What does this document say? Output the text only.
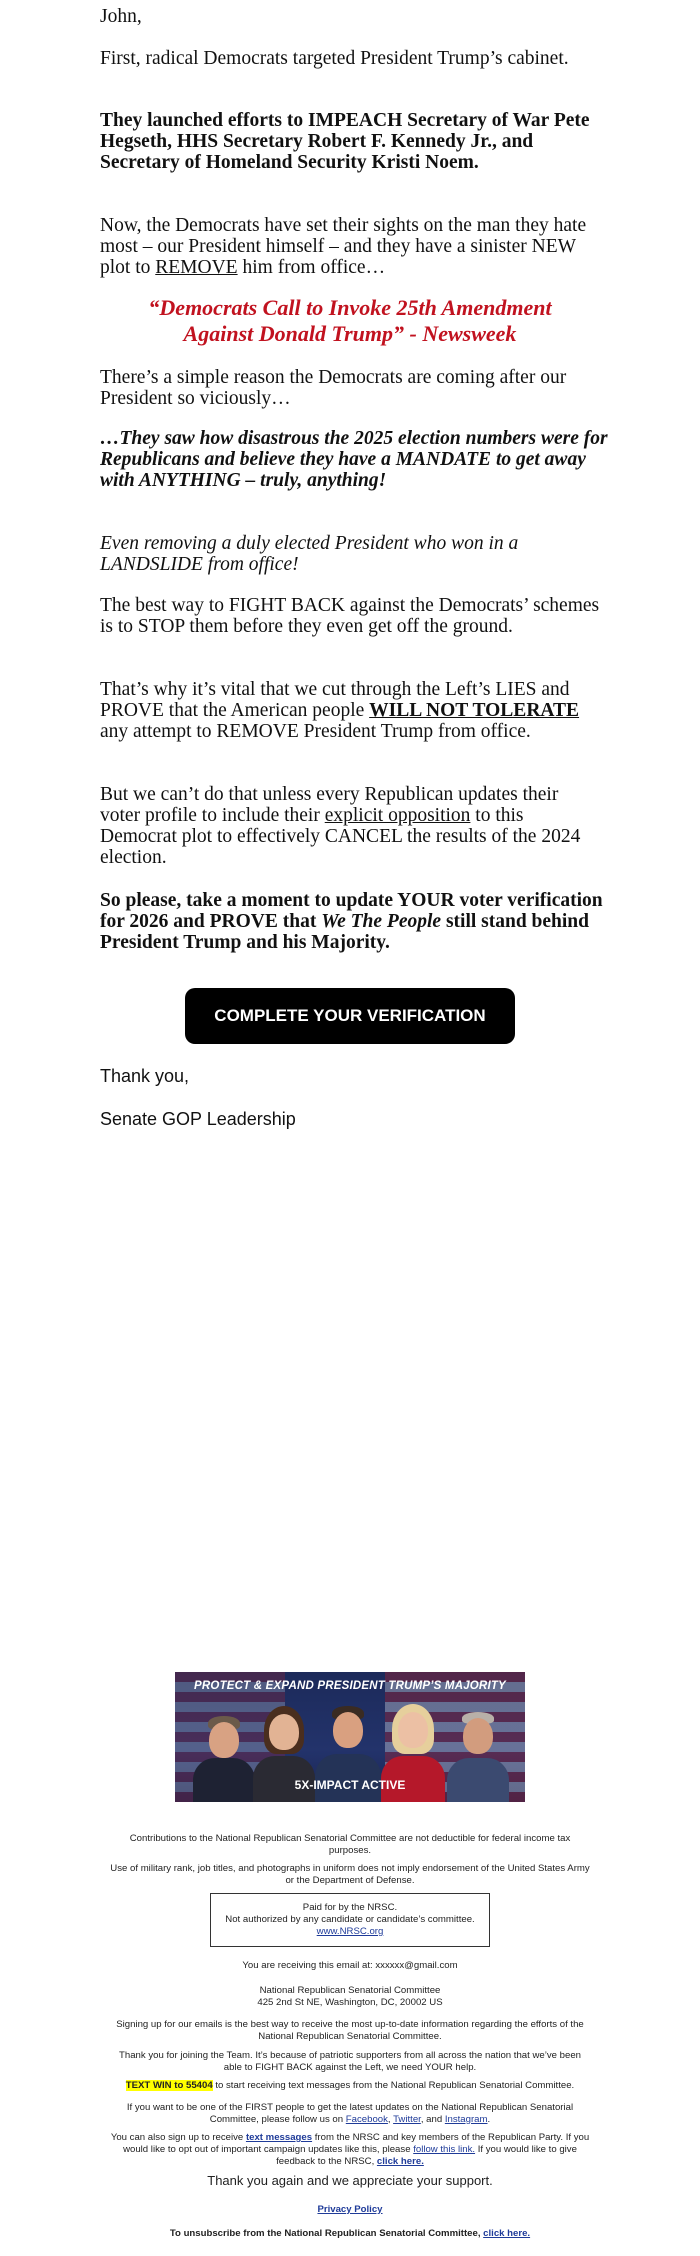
John,

First, radical Democrats targeted President Trump’s cabinet.

They launched efforts to IMPEACH Secretary of War Pete Hegseth, HHS Secretary Robert F. Kennedy Jr., and Secretary of Homeland Security Kristi Noem.

Now, the Democrats have set their sights on the man they hate most – our President himself – and they have a sinister NEW plot to REMOVE him from office…

“Democrats Call to Invoke 25th Amendment

Against Donald Trump” - Newsweek

There’s a simple reason the Democrats are coming after our President so viciously…

…They saw how disastrous the 2025 election numbers were for Republicans and believe they have a MANDATE to get away with ANYTHING – truly, anything!

Even removing a duly elected President who won in a LANDSLIDE from office!

The best way to FIGHT BACK against the Democrats’ schemes is to STOP them before they even get off the ground.

That’s why it’s vital that we cut through the Left’s LIES and PROVE that the American people WILL NOT TOLERATE any attempt to REMOVE President Trump from office.

But we can’t do that unless every Republican updates their voter profile to include their explicit opposition to this Democrat plot to effectively CANCEL the results of the 2024 election.

So please, take a moment to update YOUR voter verification for 2026 and PROVE that We The People still stand behind President Trump and his Majority.

COMPLETE YOUR VERIFICATION

Thank you,

Senate GOP Leadership

PROTECT & EXPAND PRESIDENT TRUMP’S MAJORITY
5X-IMPACT ACTIVE

Contributions to the National Republican Senatorial Committee are not deductible for federal income tax purposes.

Use of military rank, job titles, and photographs in uniform does not imply endorsement of the United States Army or the Department of Defense.

Paid for by the NRSC.
Not authorized by any candidate or candidate’s committee.
www.NRSC.org

You are receiving this email at: xxxxxx@gmail.com

National Republican Senatorial Committee

425 2nd St NE, Washington, DC, 20002 US

Signing up for our emails is the best way to receive the most up-to-date information regarding the efforts of the National Republican Senatorial Committee.

Thank you for joining the Team. It’s because of patriotic supporters from all across the nation that we’ve been able to FIGHT BACK against the Left, we need YOUR help.

TEXT WIN to 55404 to start receiving text messages from the National Republican Senatorial Committee.

If you want to be one of the FIRST people to get the latest updates on the National Republican Senatorial Committee, please follow us on Facebook, Twitter, and Instagram.

You can also sign up to receive text messages from the NRSC and key members of the Republican Party. If you would like to opt out of important campaign updates like this, please follow this link. If you would like to give feedback to the NRSC, click here.

Thank you again and we appreciate your support.

Privacy Policy

To unsubscribe from the National Republican Senatorial Committee, click here.
